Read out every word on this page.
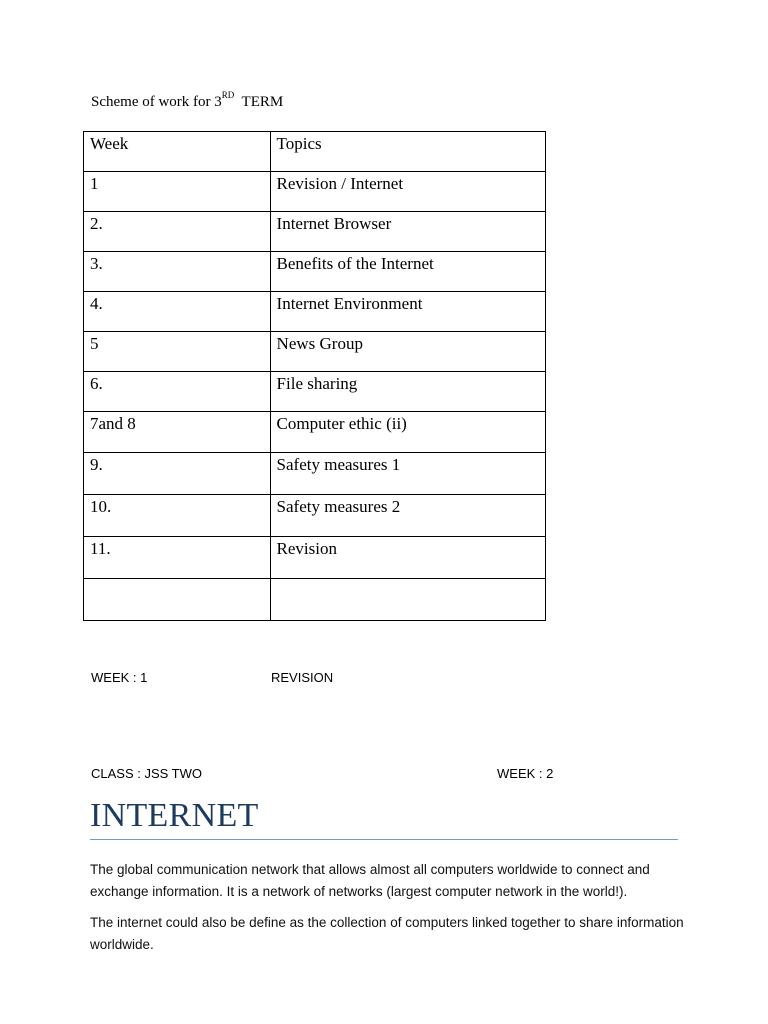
Scheme of work for 3RD TERM
Week	Topics
1	Revision / Internet
2.	Internet Browser
3.	Benefits of the Internet
4.	Internet Environment
5	News Group
6.	File sharing
7and 8	Computer ethic (ii)
9.	Safety measures 1
10.	Safety measures 2
11.	Revision

WEEK : 1	REVISION
CLASS : JSS TWO	WEEK : 2
INTERNET
The global communication network that allows almost all computers worldwide to connect and exchange information. It is a network of networks (largest computer network in the world!).
The internet could also be define as the collection of computers linked together to share information worldwide.
